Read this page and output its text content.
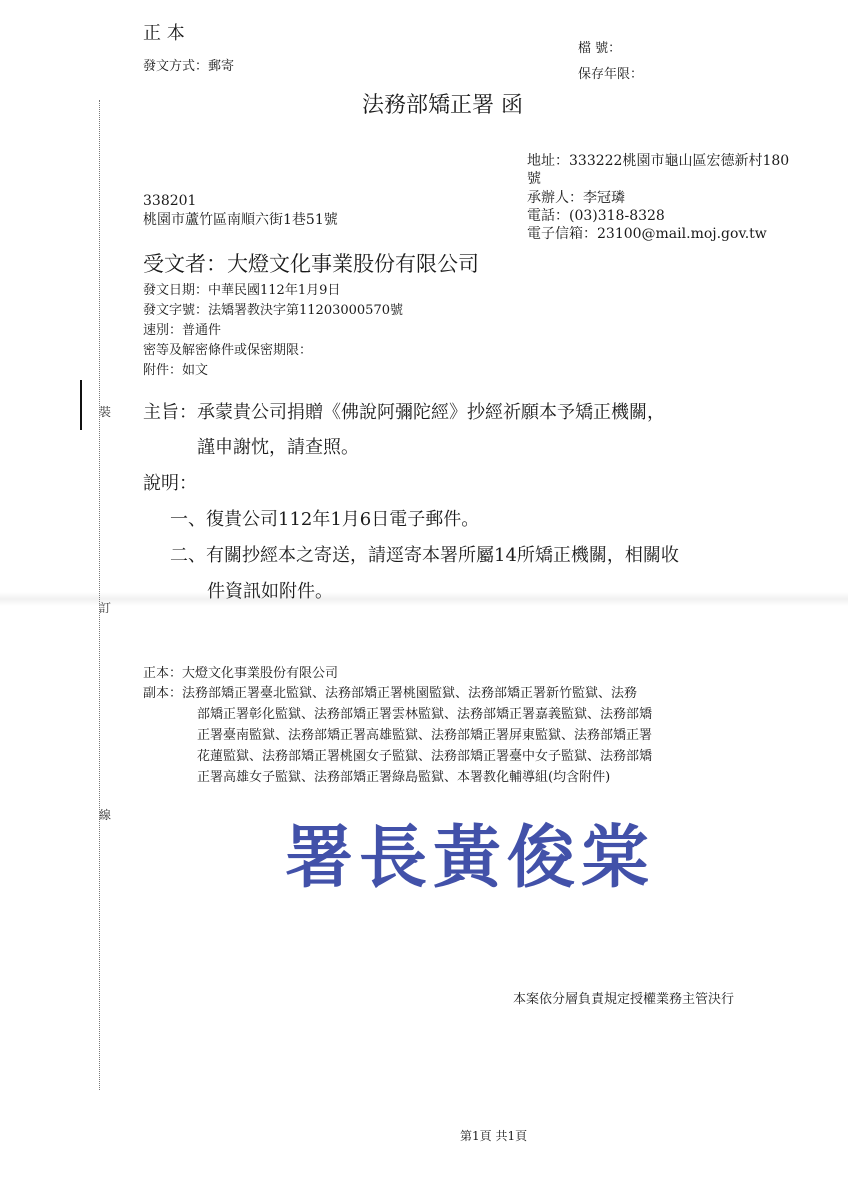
裝
訂
線
正 本
發文方式：郵寄
檔 號：
保存年限：
法務部矯正署 函
地址：333222桃園市龜山區宏德新村180
號
承辦人：李冠璘
電話：(03)318-8328
電子信箱：23100@mail.moj.gov.tw
338201
桃園市蘆竹區南順六街1巷51號
受文者：大燈文化事業股份有限公司
發文日期：中華民國112年1月9日
發文字號：法矯署教決字第11203000570號
速別：普通件
密等及解密條件或保密期限：
附件：如文
主旨：承蒙貴公司捐贈《佛說阿彌陀經》抄經祈願本予矯正機關，
謹申謝忱，請查照。
說明：
一、復貴公司112年1月6日電子郵件。
二、有關抄經本之寄送，請逕寄本署所屬14所矯正機關，相關收
件資訊如附件。
正本：大燈文化事業股份有限公司
副本：法務部矯正署臺北監獄、法務部矯正署桃園監獄、法務部矯正署新竹監獄、法務
部矯正署彰化監獄、法務部矯正署雲林監獄、法務部矯正署嘉義監獄、法務部矯
正署臺南監獄、法務部矯正署高雄監獄、法務部矯正署屏東監獄、法務部矯正署
花蓮監獄、法務部矯正署桃園女子監獄、法務部矯正署臺中女子監獄、法務部矯
正署高雄女子監獄、法務部矯正署綠島監獄、本署教化輔導組(均含附件)
署長黃俊棠
本案依分層負責規定授權業務主管決行
第1頁 共1頁
